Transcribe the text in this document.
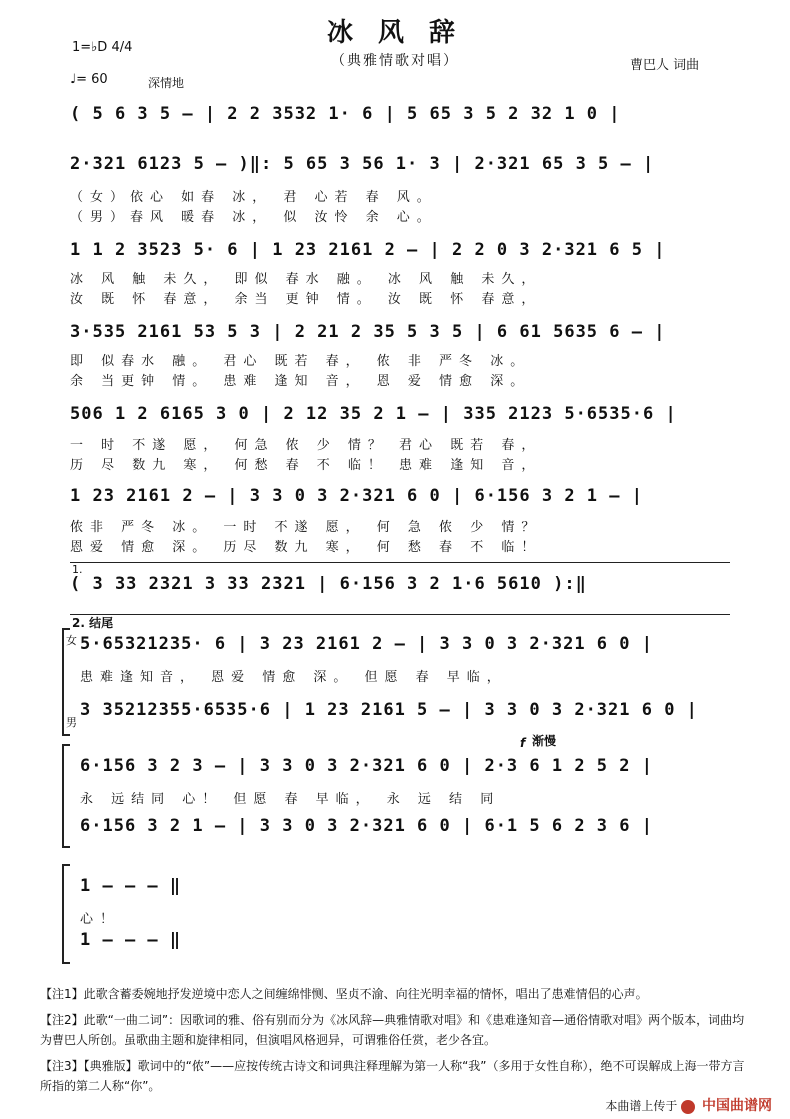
冰 风 辞
（典雅情歌对唱）	曹巴人 词曲
1=♭D 4/4
♩= 60	深情地
( 5 6 3 5 — | 2 2 3532 1· 6 | 5 65 3 5 2 32 1 0 |
2·321 6123 5 — )‖: 5 65 3 56 1· 3 | 2·321 65 3 5 — |
（女）依心 如春 冰， 君 心若 春 风。
（男）春风 暖春 冰， 似 汝怜 余 心。
1 1 2 3523 5· 6 | 1 23 2161 2 — | 2 2 0 3 2·321 6 5 |
冰 风 触 未久， 即似 春水 融。 冰 风 触 未久，
汝 既 怀 春意， 余当 更钟 情。 汝 既 怀 春意，
3·535 2161 53 5 3 | 2 21 2 35 5 3 5 | 6 61 5635 6 — |
即 似春水 融。 君心 既若 春， 侬 非 严冬 冰。
余 当更钟 情。 患难 逢知 音， 恩 爱 情愈 深。
506 1 2 6165 3 0 | 2 12 35 2 1 — | 335 2123 5·6535·6 |
一 时 不遂 愿， 何急 侬 少 情？ 君心 既若 春，
历 尽 数九 寒， 何愁 春 不 临！ 患难 逢知 音，
1 23 2161 2 — | 3 3 0 3 2·321 6 0 | 6·156 3 2 1 — |
侬非 严冬 冰。 一时 不遂 愿， 何 急 侬 少 情？
恩爱 情愈 深。 历尽 数九 寒， 何 愁 春 不 临！
1.
( 3 33 2321 3 33 2321 | 6·156 3 2 1·6 5610 ):‖
2. 结尾
女
男
5·65321235· 6 | 3 23 2161 2 — | 3 3 0 3 2·321 6 0 |
患难逢知音， 恩爱 情愈 深。 但愿 春 早临，
3 35212355·6535·6 | 1 23 2161 5 — | 3 3 0 3 2·321 6 0 |
f 渐慢
6·156 3 2 3 — | 3 3 0 3 2·321 6 0 | 2·3 6 1 2 5 2 |
永 远结同 心！ 但愿 春 早临， 永 远 结 同
6·156 3 2 1 — | 3 3 0 3 2·321 6 0 | 6·1 5 6 2 3 6 |
1 — — — ‖
心！
1 — — — ‖

【注1】此歌含蓄委婉地抒发逆境中恋人之间缠绵悱恻、坚贞不渝、向往光明幸福的情怀，唱出了患难情侣的心声。

【注2】此歌“一曲二词”：因歌词的雅、俗有别而分为《冰风辞—典雅情歌对唱》和《患难逢知音—通俗情歌对唱》两个版本，词曲均为曹巴人所创。虽歌曲主题和旋律相同，但演唱风格迥异，可谓雅俗任赏，老少各宜。

【注3】【典雅版】歌词中的“侬”——应按传统古诗文和词典注释理解为第一人称“我”（多用于女性自称），绝不可误解成上海一带方言所指的第二人称“你”。

本曲谱上传于 中国曲谱网
